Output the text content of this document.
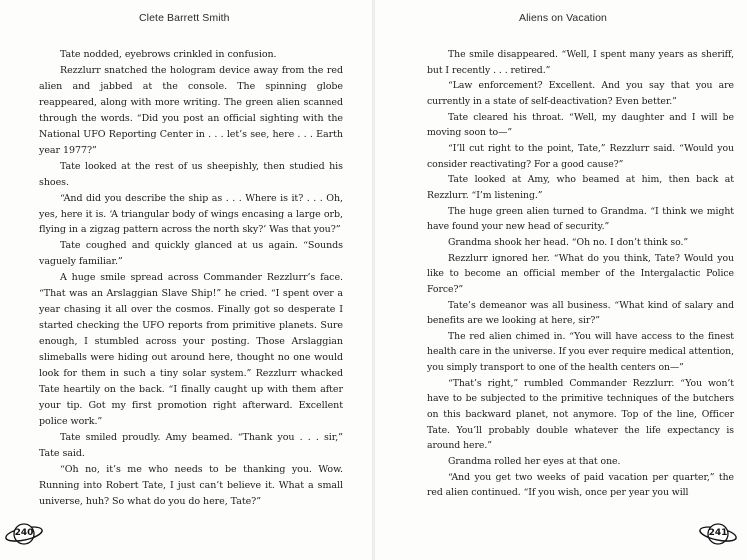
Clete Barrett Smith

Tate nodded, eyebrows crinkled in confusion.

Rezzlurr snatched the hologram device away from the red alien and jabbed at the console. The spinning globe reappeared, along with more writing. The green alien scanned through the words. “Did you post an official sighting with the National UFO Reporting Center in . . . let’s see, here . . . Earth year 1977?”

Tate looked at the rest of us sheepishly, then studied his shoes.

“And did you describe the ship as . . . Where is it? . . . Oh, yes, here it is. ‘A triangular body of wings encasing a large orb, flying in a zigzag pattern across the north sky?’ Was that you?”

Tate coughed and quickly glanced at us again. “Sounds vaguely familiar.”

A huge smile spread across Commander Rezzlurr’s face. “That was an Arslaggian Slave Ship!” he cried. “I spent over a year chasing it all over the cosmos. Finally got so desperate I started checking the UFO reports from primitive planets. Sure enough, I stumbled across your posting. Those Arslaggian slimeballs were hiding out around here, thought no one would look for them in such a tiny solar system.” Rezzlurr whacked Tate heartily on the back. “I finally caught up with them after your tip. Got my first promotion right afterward. Excellent police work.”

Tate smiled proudly. Amy beamed. “Thank you . . . sir,” Tate said.

“Oh no, it’s me who needs to be thanking you. Wow. Running into Robert Tate, I just can’t believe it. What a small universe, huh? So what do you do here, Tate?”

240
Aliens on Vacation

The smile disappeared. “Well, I spent many years as sheriff, but I recently . . . retired.”

“Law enforcement? Excellent. And you say that you are currently in a state of self-deactivation? Even better.”

Tate cleared his throat. “Well, my daughter and I will be moving soon to—”

“I’ll cut right to the point, Tate,” Rezzlurr said. “Would you consider reactivating? For a good cause?”

Tate looked at Amy, who beamed at him, then back at Rezzlurr. “I’m listening.”

The huge green alien turned to Grandma. “I think we might have found your new head of security.”

Grandma shook her head. “Oh no. I don’t think so.”

Rezzlurr ignored her. “What do you think, Tate? Would you like to become an official member of the Intergalactic Police Force?”

Tate’s demeanor was all business. “What kind of salary and benefits are we looking at here, sir?”

The red alien chimed in. “You will have access to the finest health care in the universe. If you ever require medical attention, you simply transport to one of the health centers on—”

“That’s right,” rumbled Commander Rezzlurr. “You won’t have to be subjected to the primitive techniques of the butchers on this backward planet, not anymore. Top of the line, Officer Tate. You’ll probably double whatever the life expectancy is around here.”

Grandma rolled her eyes at that one.

“And you get two weeks of paid vacation per quarter,” the red alien continued. “If you wish, once per year you will

241
